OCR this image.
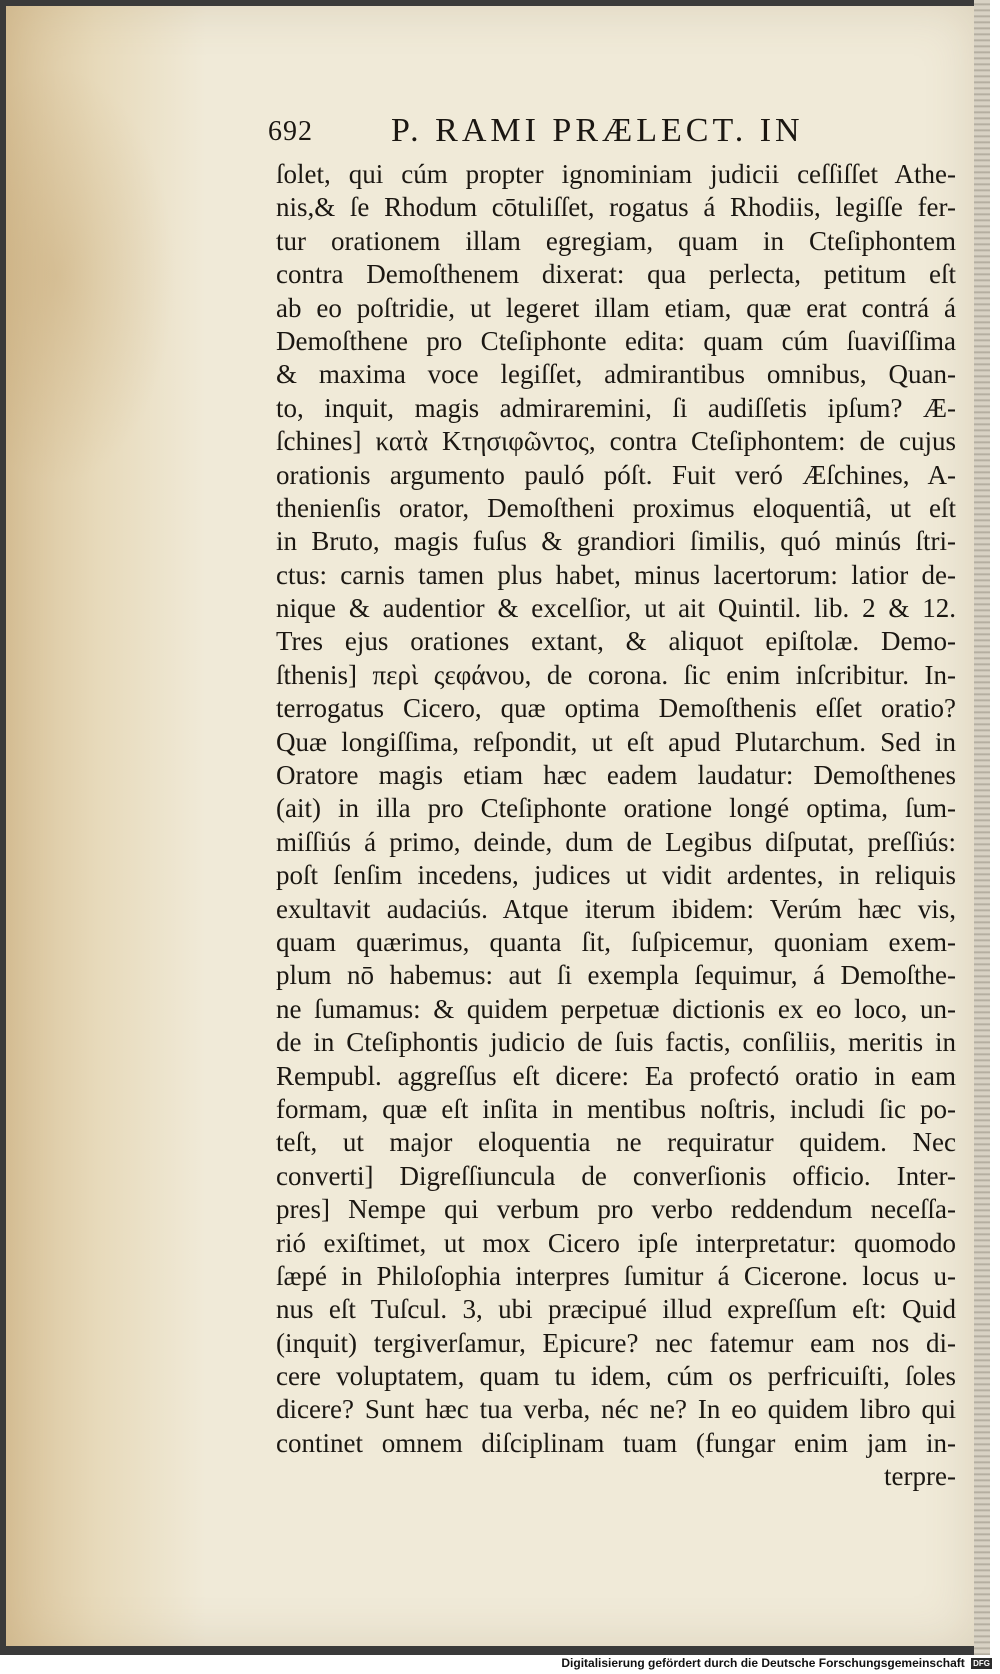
692 P. RAMI PRÆLECT. IN
ſolet, qui cúm propter ignominiam judicii ceſſiſſet Athe-
nis,& ſe Rhodum cōtuliſſet, rogatus á Rhodiis, legiſſe fer-
tur orationem illam egregiam, quam in Cteſiphontem
contra Demoſthenem dixerat: qua perlecta, petitum eſt
ab eo poſtridie, ut legeret illam etiam, quæ erat contrá á
Demoſthene pro Cteſiphonte edita: quam cúm ſuaviſſima
& maxima voce legiſſet, admirantibus omnibus, Quan-
to, inquit, magis admiraremini, ſi audiſſetis ipſum? Æ-
ſchines] κατὰ Κτησιφῶντος, contra Cteſiphontem: de cujus
orationis argumento pauló póſt. Fuit veró Æſchines, A-
thenienſis orator, Demoſtheni proximus eloquentiâ, ut eſt
in Bruto, magis fuſus & grandiori ſimilis, quó minús ſtri-
ctus: carnis tamen plus habet, minus lacertorum: latior de-
nique & audentior & excelſior, ut ait Quintil. lib. 2 & 12.
Tres ejus orationes extant, & aliquot epiſtolæ. Demo-
ſthenis] περὶ ςεφάνου, de corona. ſic enim inſcribitur. In-
terrogatus Cicero, quæ optima Demoſthenis eſſet oratio?
Quæ longiſſima, reſpondit, ut eſt apud Plutarchum. Sed in
Oratore magis etiam hæc eadem laudatur: Demoſthenes
(ait) in illa pro Cteſiphonte oratione longé optima, ſum-
miſſiús á primo, deinde, dum de Legibus diſputat, preſſiús:
poſt ſenſim incedens, judices ut vidit ardentes, in reliquis
exultavit audaciús. Atque iterum ibidem: Verúm hæc vis,
quam quærimus, quanta ſit, ſuſpicemur, quoniam exem-
plum nō habemus: aut ſi exempla ſequimur, á Demoſthe-
ne ſumamus: & quidem perpetuæ dictionis ex eo loco, un-
de in Cteſiphontis judicio de ſuis factis, conſiliis, meritis in
Rempubl. aggreſſus eſt dicere: Ea profectó oratio in eam
formam, quæ eſt inſita in mentibus noſtris, includi ſic po-
teſt, ut major eloquentia ne requiratur quidem. Nec
converti] Digreſſiuncula de converſionis officio. Inter-
pres] Nempe qui verbum pro verbo reddendum neceſſa-
rió exiſtimet, ut mox Cicero ipſe interpretatur: quomodo
ſæpé in Philoſophia interpres ſumitur á Cicerone. locus u-
nus eſt Tuſcul. 3, ubi præcipué illud expreſſum eſt: Quid
(inquit) tergiverſamur, Epicure? nec fatemur eam nos di-
cere voluptatem, quam tu idem, cúm os perfricuiſti, ſoles
dicere? Sunt hæc tua verba, néc ne? In eo quidem libro qui
continet omnem diſciplinam tuam (fungar enim jam in-
terpre-
Digitalisierung gefördert durch die Deutsche Forschungsgemeinschaft DFG
